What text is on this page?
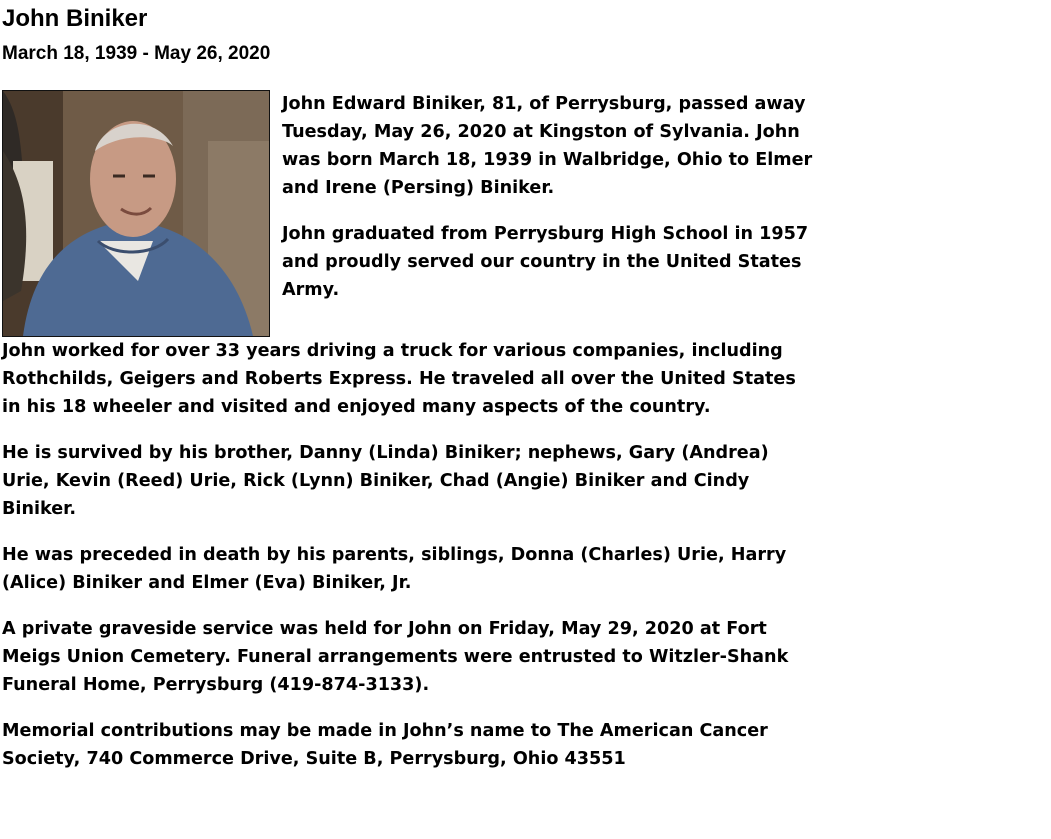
John Biniker
March 18, 1939 - May 26, 2020

John Edward Biniker, 81, of Perrysburg, passed away Tuesday, May 26, 2020 at Kingston of Sylvania. John was born March 18, 1939 in Walbridge, Ohio to Elmer and Irene (Persing) Biniker.

John graduated from Perrysburg High School in 1957 and proudly served our country in the United States Army.

John worked for over 33 years driving a truck for various companies, including Rothchilds, Geigers and Roberts Express. He traveled all over the United States in his 18 wheeler and visited and enjoyed many aspects of the country.

He is survived by his brother, Danny (Linda) Biniker; nephews, Gary (Andrea) Urie, Kevin (Reed) Urie, Rick (Lynn) Biniker, Chad (Angie) Biniker and Cindy Biniker.

He was preceded in death by his parents, siblings, Donna (Charles) Urie, Harry (Alice) Biniker and Elmer (Eva) Biniker, Jr.

A private graveside service was held for John on Friday, May 29, 2020 at Fort Meigs Union Cemetery. Funeral arrangements were entrusted to Witzler-Shank Funeral Home, Perrysburg (419-874-3133).

Memorial contributions may be made in John’s name to The American Cancer Society, 740 Commerce Drive, Suite B, Perrysburg, Ohio 43551
